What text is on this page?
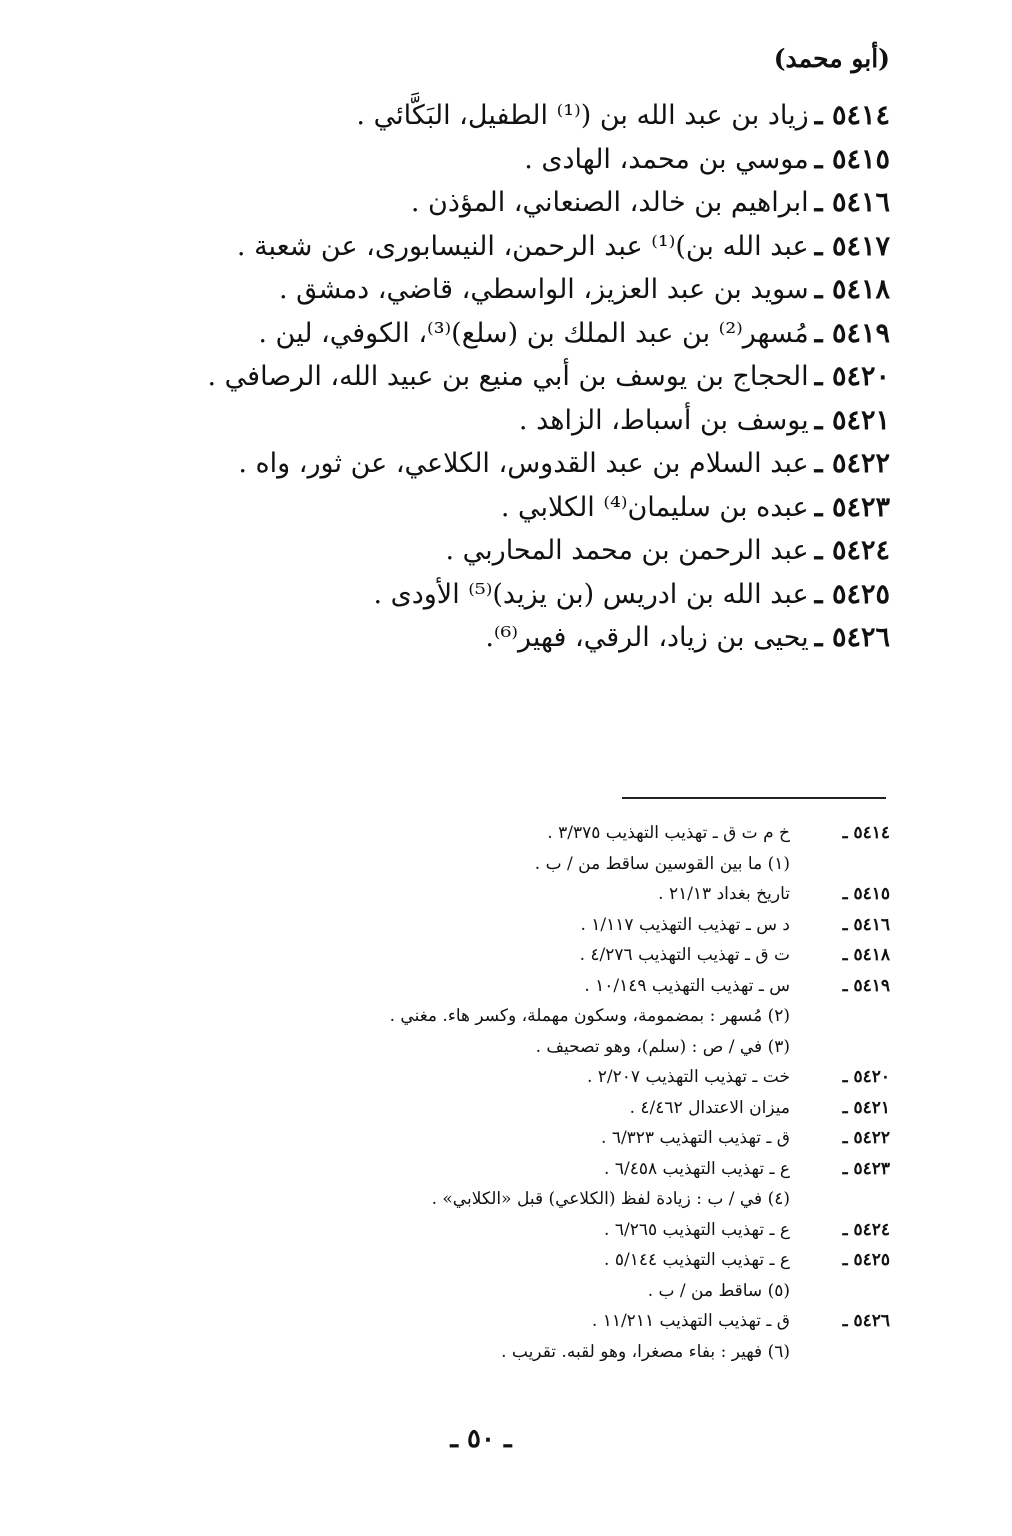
(أبو محمد)
٥٤١٤ ـزياد بن عبد الله بن (⁽¹⁾ الطفيل، البَكَّائي .
٥٤١٥ ـموسي بن محمد، الهادى .
٥٤١٦ ـابراهيم بن خالد، الصنعاني، المؤذن .
٥٤١٧ ـعبد الله بن)⁽¹⁾ عبد الرحمن، النيسابورى، عن شعبة .
٥٤١٨ ـسويد بن عبد العزيز، الواسطي، قاضي، دمشق .
٥٤١٩ ـمُسهر⁽²⁾ بن عبد الملك بن (سلع)⁽³⁾، الكوفي، لين .
٥٤٢٠ ـالحجاج بن يوسف بن أبي منيع بن عبيد الله، الرصافي .
٥٤٢١ ـيوسف بن أسباط، الزاهد .
٥٤٢٢ ـعبد السلام بن عبد القدوس، الكلاعي، عن ثور، واه .
٥٤٢٣ ـعبده بن سليمان⁽⁴⁾ الكلابي .
٥٤٢٤ ـعبد الرحمن بن محمد المحاربي .
٥٤٢٥ ـعبد الله بن ادريس (بن يزيد)⁽⁵⁾ الأودى .
٥٤٢٦ ـيحيى بن زياد، الرقي، فهير⁽⁶⁾.
٥٤١٤ ـ
خ م ت ق ـ تهذيب التهذيب ٣/٣٧٥ .
(١) ما بين القوسين ساقط من / ب .
٥٤١٥ ـ
تاريخ بغداد ٢١/١٣ .
٥٤١٦ ـ
د س ـ تهذيب التهذيب ١/١١٧ .
٥٤١٨ ـ
ت ق ـ تهذيب التهذيب ٤/٢٧٦ .
٥٤١٩ ـ
س ـ تهذيب التهذيب ١٠/١٤٩ .
(٢) مُسهر : بمضمومة، وسكون مهملة، وكسر هاء. مغني .
(٣) في / ص : (سلم)، وهو تصحيف .
٥٤٢٠ ـ
خت ـ تهذيب التهذيب ٢/٢٠٧ .
٥٤٢١ ـ
ميزان الاعتدال ٤/٤٦٢ .
٥٤٢٢ ـ
ق ـ تهذيب التهذيب ٦/٣٢٣ .
٥٤٢٣ ـ
ع ـ تهذيب التهذيب ٦/٤٥٨ .
(٤) في / ب : زيادة لفظ (الكلاعي) قبل «الكلابي» .
٥٤٢٤ ـ
ع ـ تهذيب التهذيب ٦/٢٦٥ .
٥٤٢٥ ـ
ع ـ تهذيب التهذيب ٥/١٤٤ .
(٥) ساقط من / ب .
٥٤٢٦ ـ
ق ـ تهذيب التهذيب ١١/٢١١ .
(٦) فهير : بفاء مصغرا، وهو لقبه. تقريب .
ـ ٥٠ ـ
